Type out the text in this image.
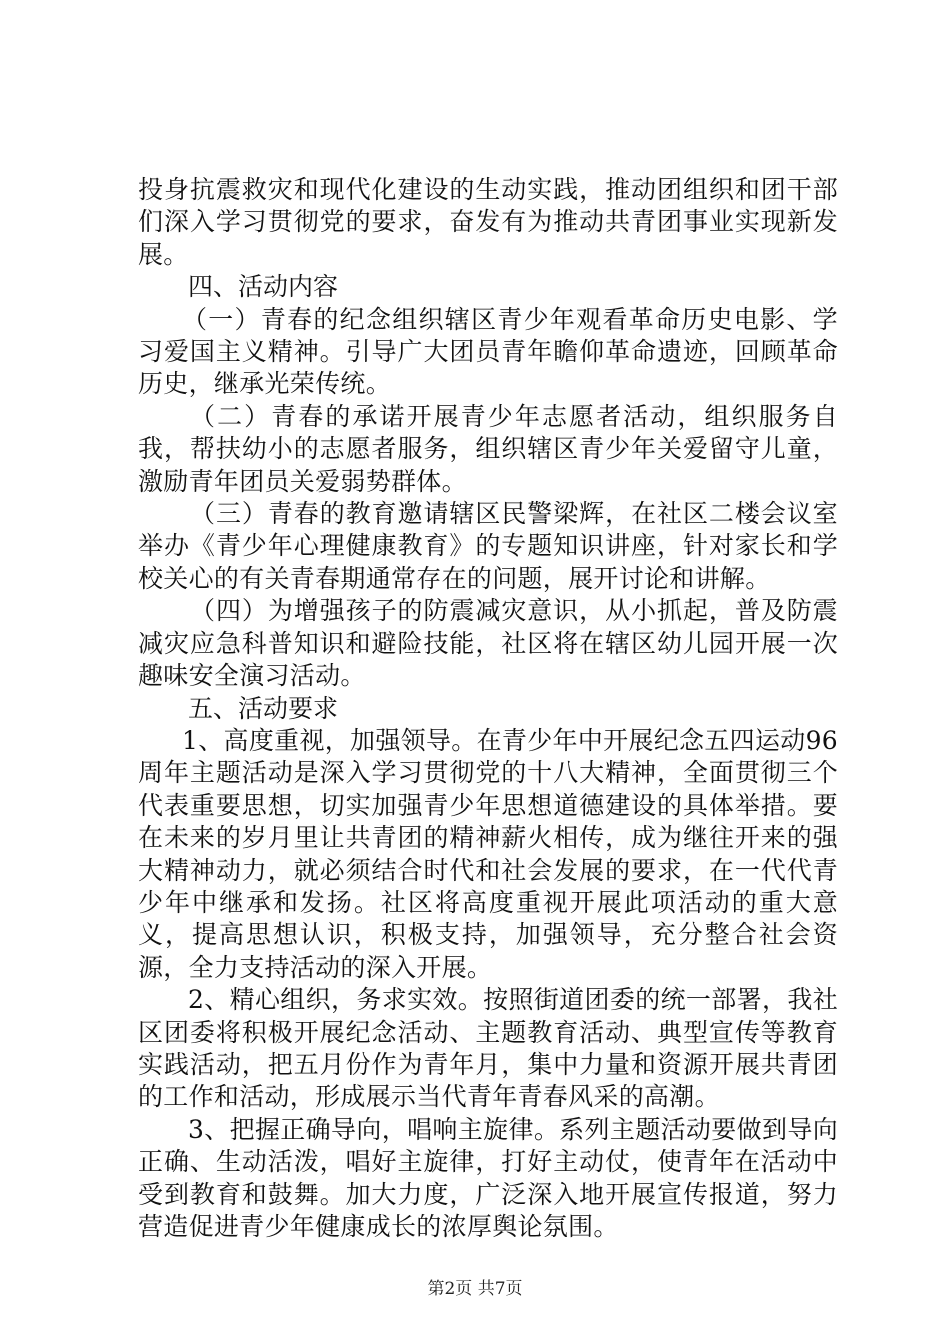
投身抗震救灾和现代化建设的生动实践，推动团组织和团干部们深入学习贯彻党的要求，奋发有为推动共青团事业实现新发展。

四、活动内容

（一）青春的纪念组织辖区青少年观看革命历史电影、学习爱国主义精神。引导广大团员青年瞻仰革命遗迹，回顾革命历史，继承光荣传统。

（二）青春的承诺开展青少年志愿者活动，组织服务自我，帮扶幼小的志愿者服务，组织辖区青少年关爱留守儿童，激励青年团员关爱弱势群体。

（三）青春的教育邀请辖区民警梁辉，在社区二楼会议室举办《青少年心理健康教育》的专题知识讲座，针对家长和学校关心的有关青春期通常存在的问题，展开讨论和讲解。

（四）为增强孩子的防震减灾意识，从小抓起，普及防震减灾应急科普知识和避险技能，社区将在辖区幼儿园开展一次趣味安全演习活动。

五、活动要求

1、高度重视，加强领导。在青少年中开展纪念五四运动96周年主题活动是深入学习贯彻党的十八大精神，全面贯彻三个代表重要思想，切实加强青少年思想道德建设的具体举措。要在未来的岁月里让共青团的精神薪火相传，成为继往开来的强大精神动力，就必须结合时代和社会发展的要求，在一代代青少年中继承和发扬。社区将高度重视开展此项活动的重大意义，提高思想认识，积极支持，加强领导，充分整合社会资源，全力支持活动的深入开展。

2、精心组织，务求实效。按照街道团委的统一部署，我社区团委将积极开展纪念活动、主题教育活动、典型宣传等教育实践活动，把五月份作为青年月，集中力量和资源开展共青团的工作和活动，形成展示当代青年青春风采的高潮。

3、把握正确导向，唱响主旋律。系列主题活动要做到导向正确、生动活泼，唱好主旋律，打好主动仗，使青年在活动中受到教育和鼓舞。加大力度，广泛深入地开展宣传报道，努力营造促进青少年健康成长的浓厚舆论氛围。

第2页 共7页
